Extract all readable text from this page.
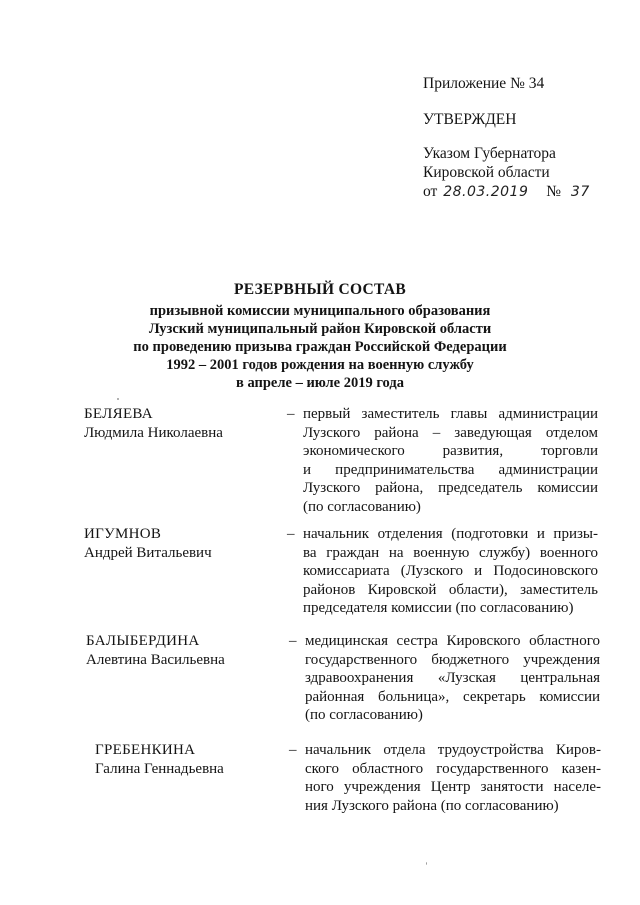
Приложение № 34
УТВЕРЖДЕН
Указом Губернатора
Кировской области
от 28.03.2019 № 37
РЕЗЕРВНЫЙ СОСТАВ
призывной комиссии муниципального образования
Лузский муниципальный район Кировской области
по проведению призыва граждан Российской Федерации
1992 – 2001 годов рождения на военную службу
в апреле – июле 2019 года
БЕЛЯЕВА
Людмила Николаевна
– первый заместитель главы администрации
Лузского района – заведующая отделом
экономического развития, торговли
и предпринимательства администрации
Лузского района, председатель комиссии
(по согласованию)
ИГУМНОВ
Андрей Витальевич
– начальник отделения (подготовки и призы-
ва граждан на военную службу) военного
комиссариата (Лузского и Подосиновского
районов Кировской области), заместитель
председателя комиссии (по согласованию)
БАЛЫБЕРДИНА
Алевтина Васильевна
– медицинская сестра Кировского областного
государственного бюджетного учреждения
здравоохранения «Лузская центральная
районная больница», секретарь комиссии
(по согласованию)
ГРЕБЕНКИНА
Галина Геннадьевна
– начальник отдела трудоустройства Киров-
ского областного государственного казен-
ного учреждения Центр занятости населе-
ния Лузского района (по согласованию)
